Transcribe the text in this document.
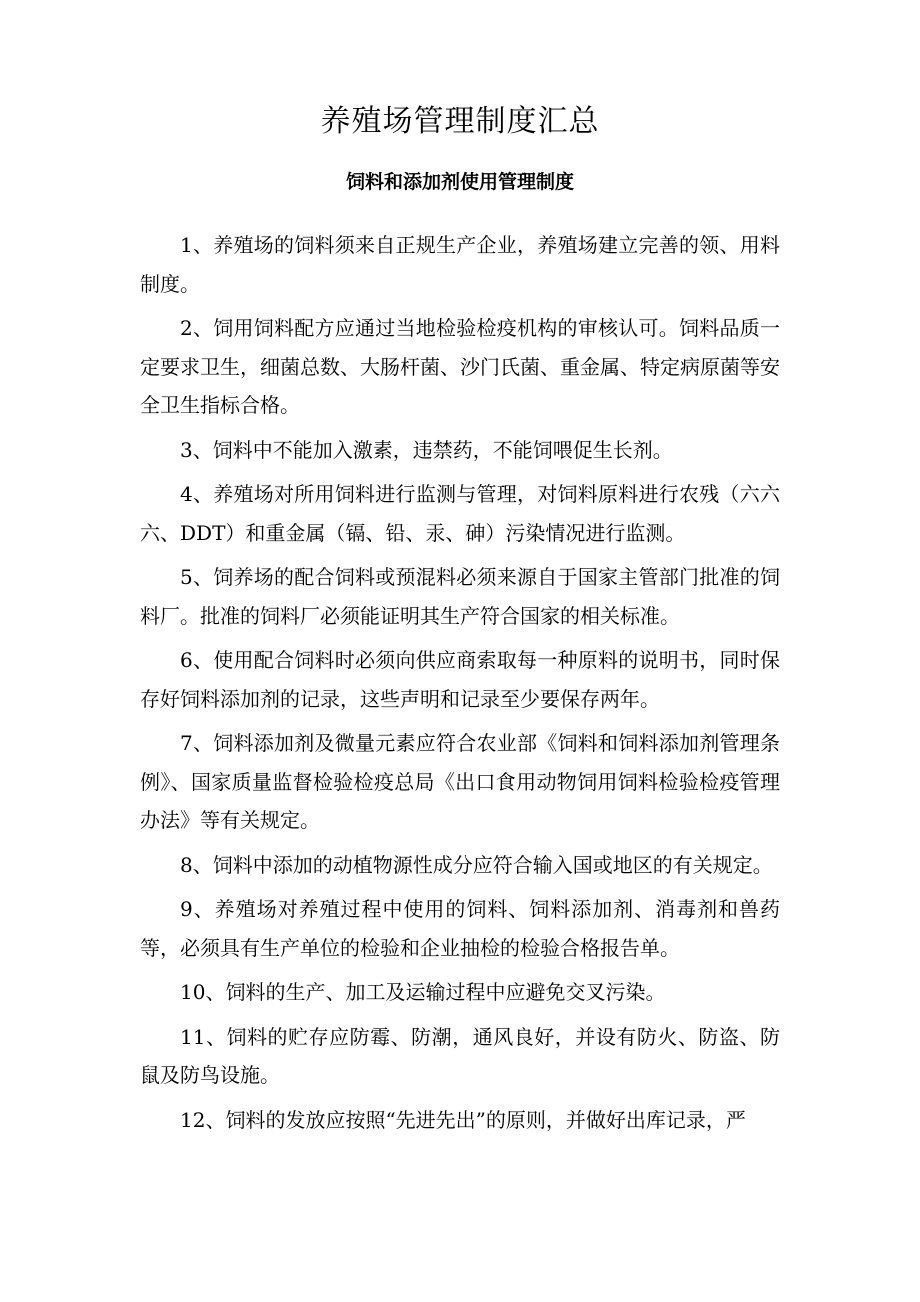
养殖场管理制度汇总
饲料和添加剂使用管理制度

1、养殖场的饲料须来自正规生产企业，养殖场建立完善的领、用料制度。

2、饲用饲料配方应通过当地检验检疫机构的审核认可。饲料品质一定要求卫生，细菌总数、大肠杆菌、沙门氏菌、重金属、特定病原菌等安全卫生指标合格。

3、饲料中不能加入激素，违禁药，不能饲喂促生长剂。

4、养殖场对所用饲料进行监测与管理，对饲料原料进行农残（六六六、DDT）和重金属（镉、铅、汞、砷）污染情况进行监测。

5、饲养场的配合饲料或预混料必须来源自于国家主管部门批准的饲料厂。批准的饲料厂必须能证明其生产符合国家的相关标准。

6、使用配合饲料时必须向供应商索取每一种原料的说明书，同时保存好饲料添加剂的记录，这些声明和记录至少要保存两年。

7、饲料添加剂及微量元素应符合农业部《饲料和饲料添加剂管理条例》、国家质量监督检验检疫总局《出口食用动物饲用饲料检验检疫管理办法》等有关规定。

8、饲料中添加的动植物源性成分应符合输入国或地区的有关规定。

9、养殖场对养殖过程中使用的饲料、饲料添加剂、消毒剂和兽药等，必须具有生产单位的检验和企业抽检的检验合格报告单。

10、饲料的生产、加工及运输过程中应避免交叉污染。

11、饲料的贮存应防霉、防潮，通风良好，并设有防火、防盗、防鼠及防鸟设施。

12、饲料的发放应按照“先进先出”的原则，并做好出库记录，严
